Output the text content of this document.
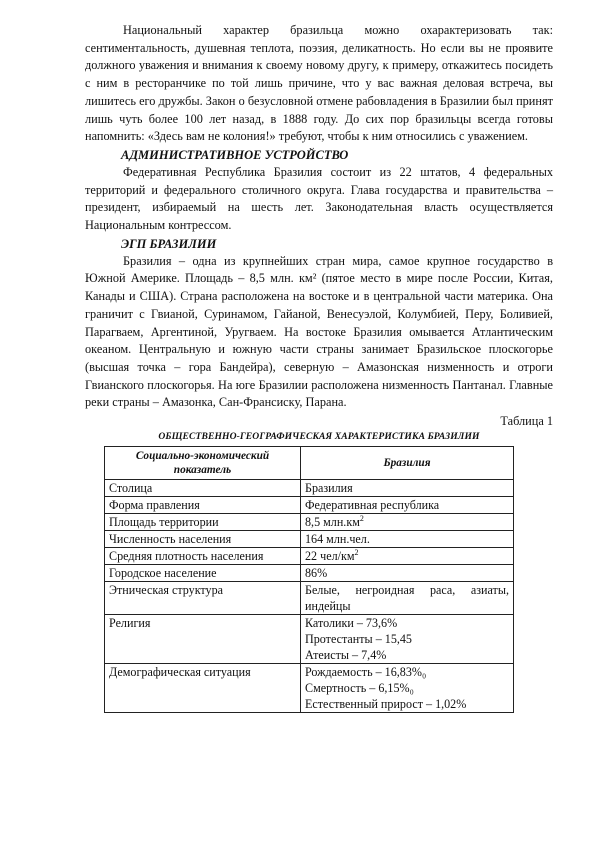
Национальный характер бразильца можно охарактеризовать так: сентиментальность, душевная теплота, поэзия, деликатность. Но если вы не проявите должного уважения и внимания к своему новому другу, к примеру, откажитесь посидеть с ним в ресторанчике по той лишь причине, что у вас важная деловая встреча, вы лишитесь его дружбы. Закон о безусловной отмене рабовладения в Бразилии был принят лишь чуть более 100 лет назад, в 1888 году. До сих пор бразильцы всегда готовы напомнить: «Здесь вам не колония!» требуют, чтобы к ним относились с уважением.

АДМИНИСТРАТИВНОЕ УСТРОЙСТВО

Федеративная Республика Бразилия состоит из 22 штатов, 4 федеральных территорий и федерального столичного округа. Глава государства и правительства – президент, избираемый на шесть лет. Законодательная власть осуществляется Национальным контрессом.

ЭГП БРАЗИЛИИ

Бразилия – одна из крупнейших стран мира, самое крупное государство в Южной Америке. Площадь – 8,5 млн. км² (пятое место в мире после России, Китая, Канады и США). Страна расположена на востоке и в центральной части материка. Она граничит с Гвианой, Суринамом, Гайаной, Венесуэлой, Колумбией, Перу, Боливией, Парагваем, Аргентиной, Уругваем. На востоке Бразилия омывается Атлантическим океаном. Центральную и южную части страны занимает Бразильское плоскогорье (высшая точка – гора Бандейра), северную – Амазонская низменность и отроги Гвианского плоскогорья. На юге Бразилии расположена низменность Пантанал. Главные реки страны – Амазонка, Сан-Франсиску, Парана.

Таблица 1
ОБЩЕСТВЕННО-ГЕОГРАФИЧЕСКАЯ ХАРАКТЕРИСТИКА БРАЗИЛИИ
Социально-экономический показатель	Бразилия
Столица	Бразилия
Форма правления	Федеративная республика
Площадь территории	8,5 $млн.км^2$
Численность населения	164 млн.чел.
Средняя плотность населения	22 чел/$км^2$
Городское население	86%
Этническая структура	Белые, негроидная раса, азиаты, индейцы
Религия	Католики – 73,6%
Протестанты – 15,45
Атеисты – 7,4%

Демографическая ситуация	Рождаемость – 16,83%₀
Смертность – 6,15%₀
Естественный прирост – 1,02%
